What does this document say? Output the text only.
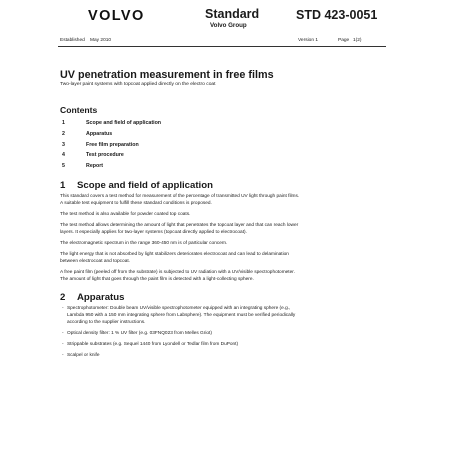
VOLVO	Standard
Volvo Group
STD 423-0051
Established May 2010	Version 1	Page 1(2)
UV penetration measurement in free films
Two-layer paint systems with topcoat applied directly on the electro coat
Contents
1	Scope and field of application
2	Apparatus
3	Free film preparation
4	Test procedure
5	Report
1 Scope and field of application
This standard covers a test method for measurement of the percentage of transmitted UV light through paint films.
A suitable test equipment to fulfill these standard conditions is proposed.
The test method is also available for powder coated top coats.
The test method allows determining the amount of light that penetrates the topcoat layer and that can reach lower
layers. It especially applies for two-layer systems (topcoat directly applied to electrocoat).
The electromagnetic spectrum in the range 360-450 nm is of particular concern.
The light energy that is not absorbed by light stabilizers deteriorates electrocoat and can lead to delamination
between electrocoat and topcoat.
A free paint film (peeled off from the substrate) is subjected to UV radiation with a UV/visible spectrophotometer.
The amount of light that goes through the paint film is detected with a light-collecting sphere.
2 Apparatus
- Spectrophotometer: Double beam UV/visible spectrophotometer equipped with an integrating sphere (e.g.,
Lambda 950 with a 150 mm integrating sphere from Labsphere). The equipment must be verified periodically
according to the supplier instructions.
- Optical density filter: 1 % UV filter (e.g. 03FNQ023 from Melles Griot)
- Strippable substrates (e.g. Sequel 1440 from Lyondell or Tedlar film from DuPont)
- Scalpel or knife
